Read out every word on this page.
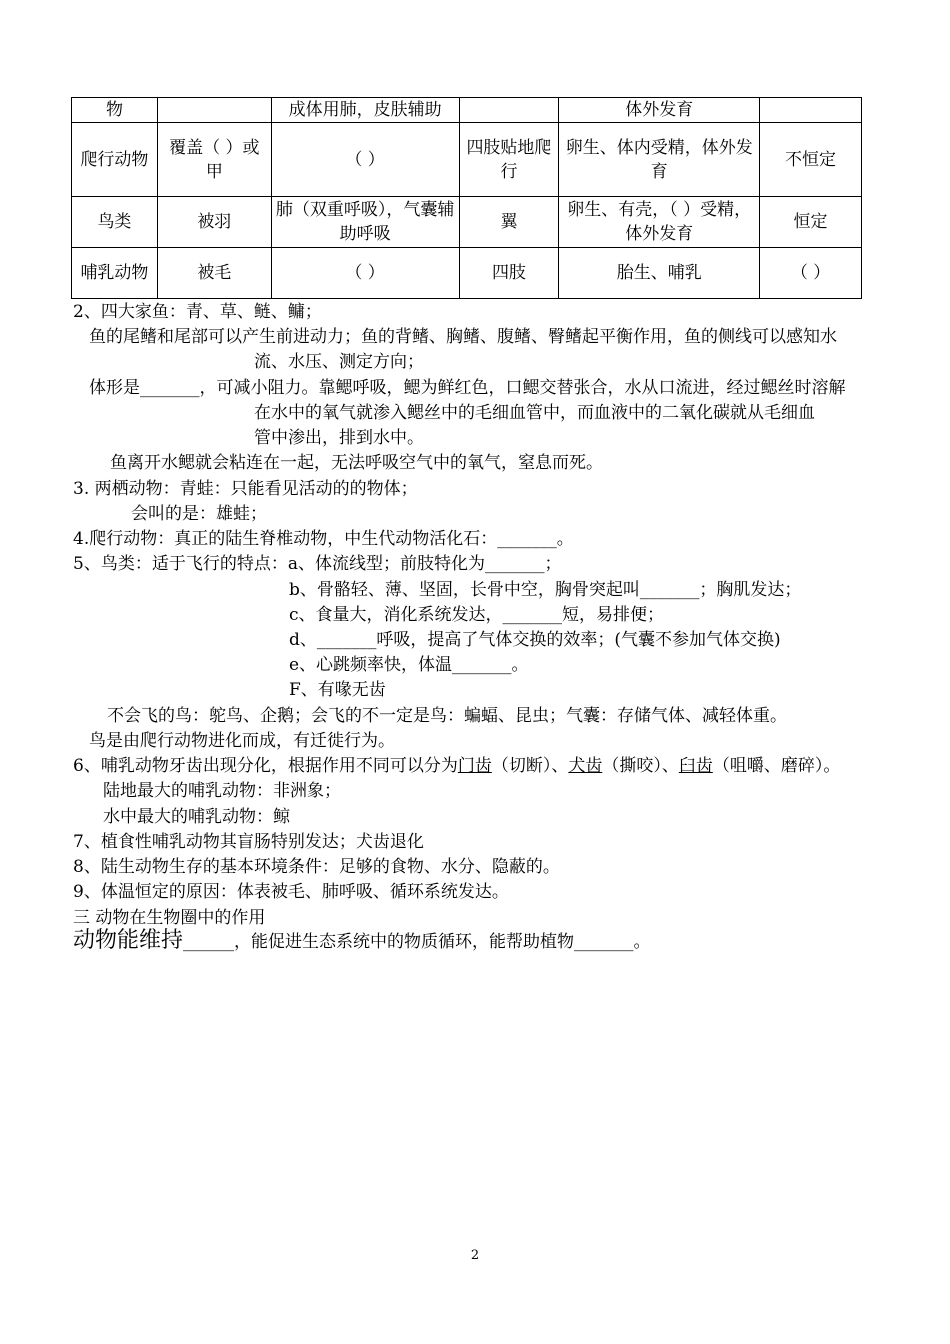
物		成体用肺，皮肤辅助		体外发育	
爬行动物	覆盖（ ）或甲	（ ）	四肢贴地爬行	卵生、体内受精，体外发育	不恒定
鸟类	被羽	肺（双重呼吸），气囊辅助呼吸	翼	卵生、有壳，（ ）受精，体外发育	恒定
哺乳动物	被毛	（ ）	四肢	胎生、哺乳	（ ）
2、四大家鱼：青、草、鲢、鳙；
鱼的尾鳍和尾部可以产生前进动力；鱼的背鳍、胸鳍、腹鳍、臀鳍起平衡作用，鱼的侧线可以感知水
流、水压、测定方向；
体形是_______，可减小阻力。靠鳃呼吸，鳃为鲜红色，口鳃交替张合，水从口流进，经过鳃丝时溶解
在水中的氧气就渗入鳃丝中的毛细血管中，而血液中的二氧化碳就从毛细血
管中渗出，排到水中。
鱼离开水鳃就会粘连在一起，无法呼吸空气中的氧气，窒息而死。
3. 两栖动物：青蛙：只能看见活动的的物体；
会叫的是：雄蛙；
4.爬行动物：真正的陆生脊椎动物，中生代动物活化石：_______。
5、鸟类：适于飞行的特点：a、体流线型；前肢特化为_______；
b、骨骼轻、薄、坚固，长骨中空，胸骨突起叫_______；胸肌发达；
c、食量大，消化系统发达，_______短，易排便；
d、_______呼吸，提高了气体交换的效率；(气囊不参加气体交换)
e、心跳频率快，体温_______。
F、有喙无齿
不会飞的鸟：鸵鸟、企鹅；会飞的不一定是鸟：蝙蝠、昆虫；气囊：存储气体、减轻体重。
鸟是由爬行动物进化而成，有迁徙行为。
6、哺乳动物牙齿出现分化，根据作用不同可以分为门齿（切断）、犬齿（撕咬）、臼齿（咀嚼、磨碎）。
陆地最大的哺乳动物：非洲象；
水中最大的哺乳动物：鲸
7、植食性哺乳动物其盲肠特别发达；犬齿退化
8、陆生动物生存的基本环境条件：足够的食物、水分、隐蔽的。
9、体温恒定的原因：体表被毛、肺呼吸、循环系统发达。
三 动物在生物圈中的作用
动物能维持______，能促进生态系统中的物质循环，能帮助植物_______。
2
